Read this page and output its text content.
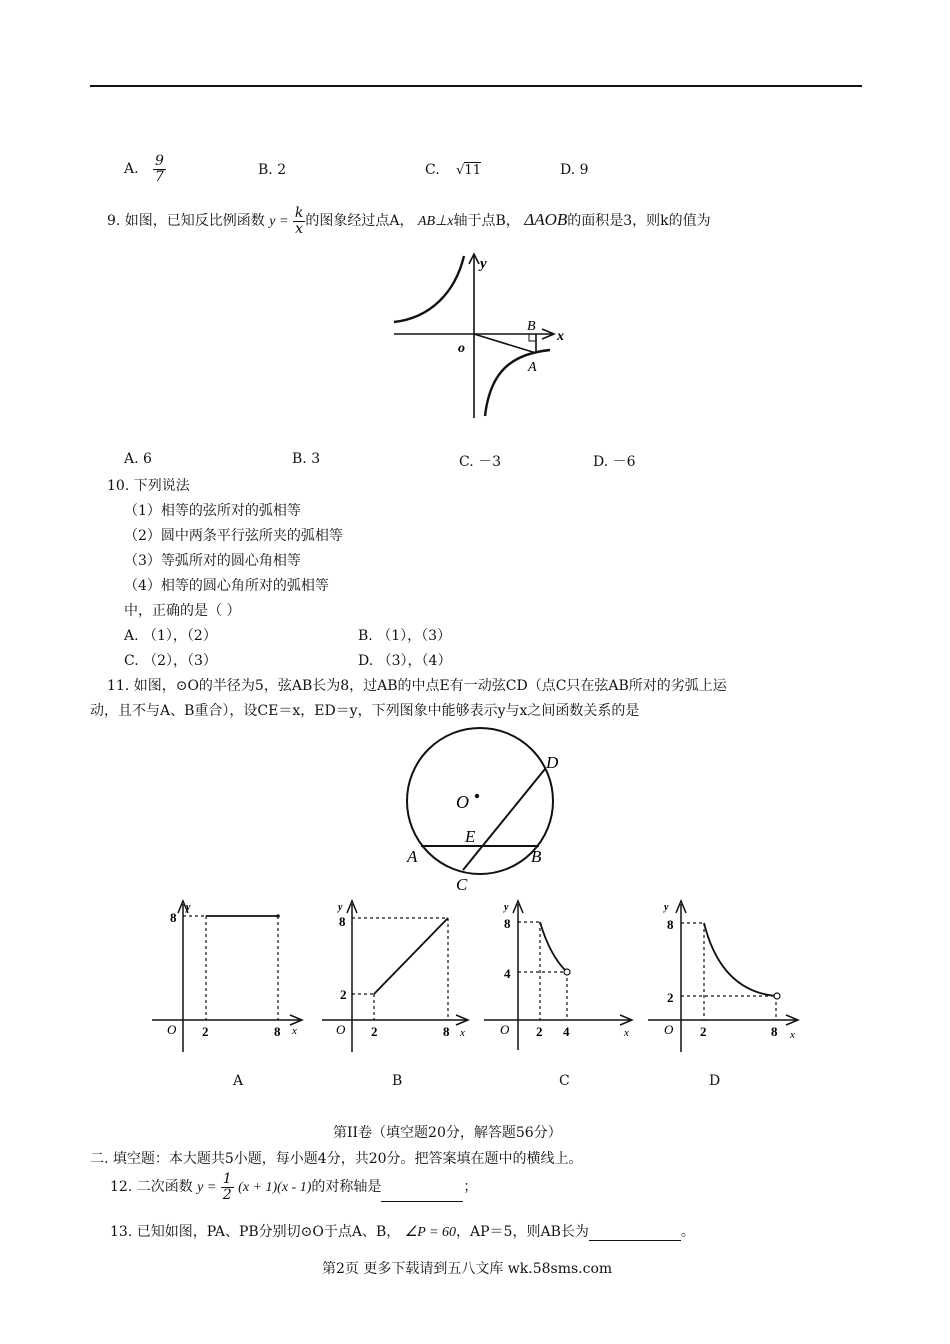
A. $\frac{9}{7}$	B. 2	C. √11	D. 9
9. 如图，已知反比例函数 $y = \frac{k}{x}$ 的图象经过点A， AB⊥x轴于点B， ΔAOB的面积是3，则k的值为
y
x
o
B
A
A. 6	B. 3	C. －3	D. －6
10. 下列说法
（1）相等的弦所对的弧相等
（2）圆中两条平行弦所夹的弧相等
（3）等弧所对的圆心角相等
（4）相等的圆心角所对的弧相等
中，正确的是（ ）
A. （1），（2）	B. （1），（3）
C. （2），（3）	D. （3），（4）
11. 如图，⊙O的半径为5，弦AB长为8，过AB的中点E有一动弦CD（点C只在弦AB所对的劣弧上运
动，且不与A、B重合），设CE＝x，ED＝y，下列图象中能够表示y与x之间函数关系的是
O
D
E
A	B
C
y
8
O 2	8 x
y
8
2
O 2	8 x
y
8
4
O 2 4	x
y
8
2
O 2	8 x
A	B	C	D
第II卷（填空题20分，解答题56分）
二. 填空题：本大题共5小题，每小题4分，共20分。把答案填在题中的横线上。
12. 二次函数 $y = \frac{1}{2} (x + 1)(x - 1)$的对称轴是	；
13. 已知如图，PA、PB分别切⊙O于点A、B， ∠P = 60，AP＝5，则AB长为	。
第2页 更多下载请到五八文库 wk.58sms.com
